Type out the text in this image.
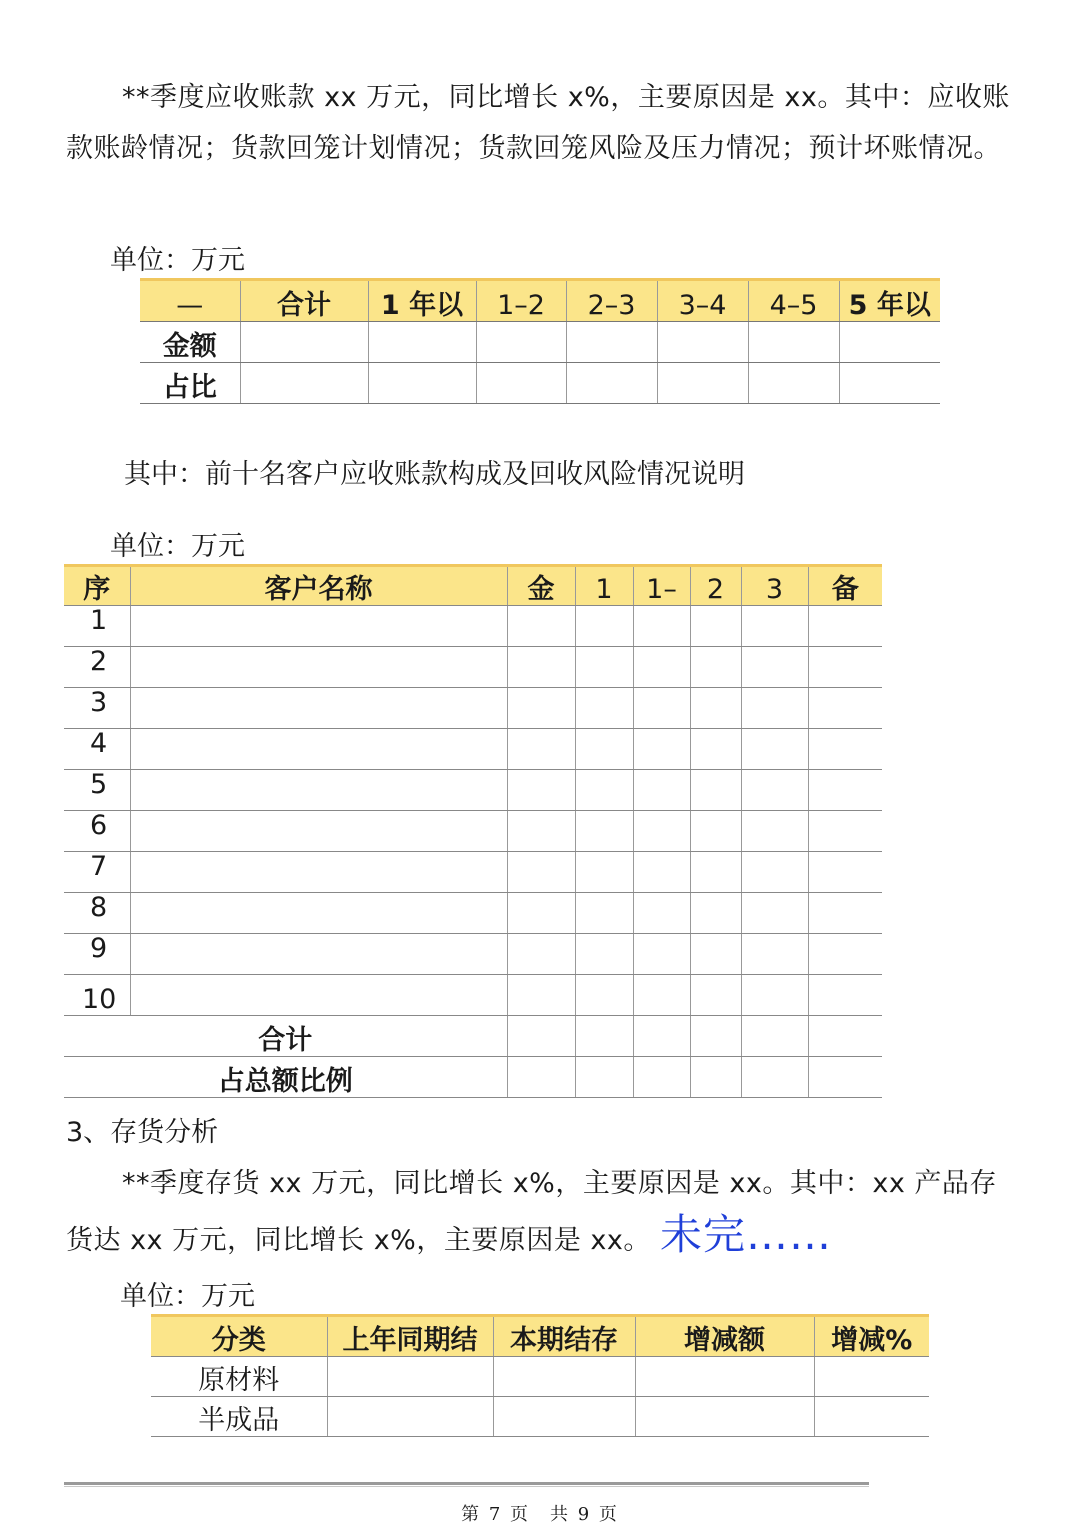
**季度应收账款 xx 万元，同比增长 x%，主要原因是 xx。其中：应收账款账龄情况；货款回笼计划情况；货款回笼风险及压力情况；预计坏账情况。

单位：万元
—	合计	1 年以	1–2	2–3	3–4	4–5	5 年以
金额							
占比							
其中：前十名客户应收账款构成及回收风险情况说明
单位：万元
序	客户名称	金	1	1–	2	3	备
1							
2							
3							
4							
5							
6							
7							
8							
9							
10							
合计							
占总额比例							
3、存货分析

**季度存货 xx 万元，同比增长 x%，主要原因是 xx。其中：xx 产品存货达 xx 万元，同比增长 x%，主要原因是 xx。 未完……

单位：万元
分类	上年同期结	本期结存	增减额	增减%
原材料				
半成品				
第 7 页　共 9 页
